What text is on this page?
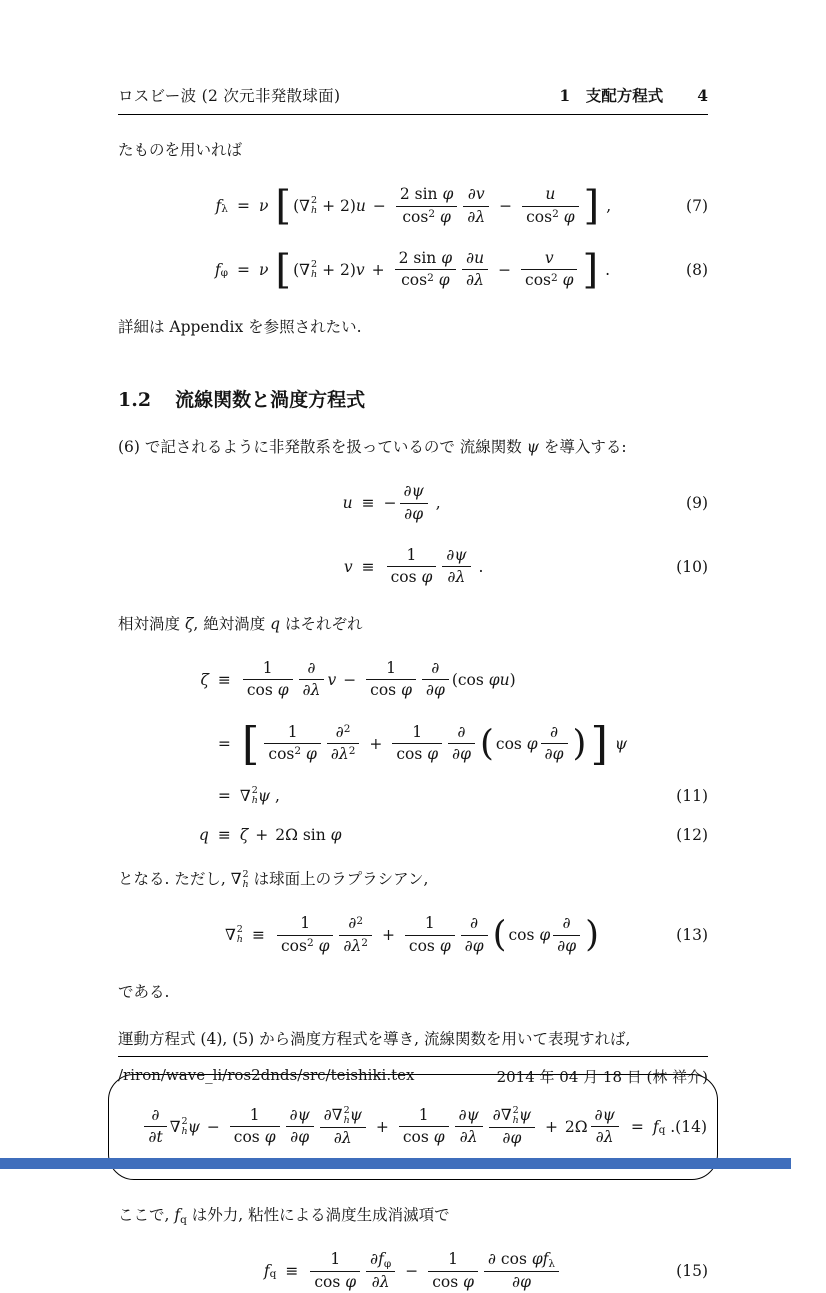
ロスビー波 (2 次元非発散球面)	1　支配方程式 4

たものを用いれば

f λ = ν [ ( ∇ 2
h + 2) $u - \frac{\text{2 sin φ}}{\cos^2 \varphi} \frac{\partial v}{\partial\lambda} - \frac{u}{\cos^2 \varphi}$ ] ,	(7)
f φ = ν [ ( ∇ 2
h + 2) $v + \frac{\text{2 sin φ}}{\cos^2 \varphi} \frac{\partial u}{\partial\lambda} - \frac{v}{\cos^2 \varphi}$ ] .	(8)

詳細は Appendix を参照されたい.

1.2 流線関数と渦度方程式

(6) で記されるように非発散系を扱っているので 流線関数 ψ を導入する:

u ≡ − $\frac{\partial\psi}{\partial\varphi}$ ,	(9)
$v \equiv \frac{1}{\text{cos φ}} \frac{\partial\psi}{\partial\lambda}$ .	(10)

相対渦度 ζ, 絶対渦度 q はそれぞれ

$\zeta \equiv \frac{1}{\text{cos φ}} \frac{\partial}{\partial\lambda}$ $v - \frac{1}{\text{cos φ}} \frac{\partial}{\partial\varphi} (\cos$ φu )
= [ $\frac{1}{\cos^2 \varphi} \frac{\partial^2}{\partial\lambda^2} + \frac{1}{\text{cos φ}} \frac{\partial}{\partial\varphi}$ ( cos φ $\frac{\partial}{\partial\varphi}$ ) ]
ψ
= ∇ 2
h ψ ,	(11)
q ≡ ζ + 2Ω sin φ	(12)

となる. ただし, ∇ 2
h は球面上のラプラシアン,

∇ 2
$h \equiv \frac{1}{\cos^2 \varphi} \frac{\partial^2}{\partial\lambda^2} + \frac{1}{\text{cos φ}} \frac{\partial}{\partial\varphi}$ ( cos φ $\frac{\partial}{\partial\varphi}$ )	(13)

である.

運動方程式 (4), (5) から渦度方程式を導き, 流線関数を用いて表現すれば,

$\frac{\partial}{\partial t}$ ∇ 2
h $\psi - \frac{1}{\text{cos φ}} \frac{\partial\psi}{\partial\varphi}$ ∂ ∇ 2
h ψ
$\partial\lambda + \frac{1}{\text{cos φ}} \frac{\partial\psi}{\partial\lambda}$ ∂ ∇ 2
h ψ
$\partial\varphi + 2\Omega \frac{\partial\psi}{\partial\lambda} = f$ q . (14)

ここで, $f_q$ は外力, 粘性による渦度生成消滅項で

f $q \equiv \frac{1}{\text{cos φ}} \frac{\partial f_\varphi}{\partial\lambda} - \frac{1}{\text{cos φ}} \frac{\partial \cos \varphi f_\lambda}{\partial\varphi}$	(15)
/riron/wave_li/ros2dnds/src/teishiki.tex	2014 年 04 月 18 日 (林 祥介)
